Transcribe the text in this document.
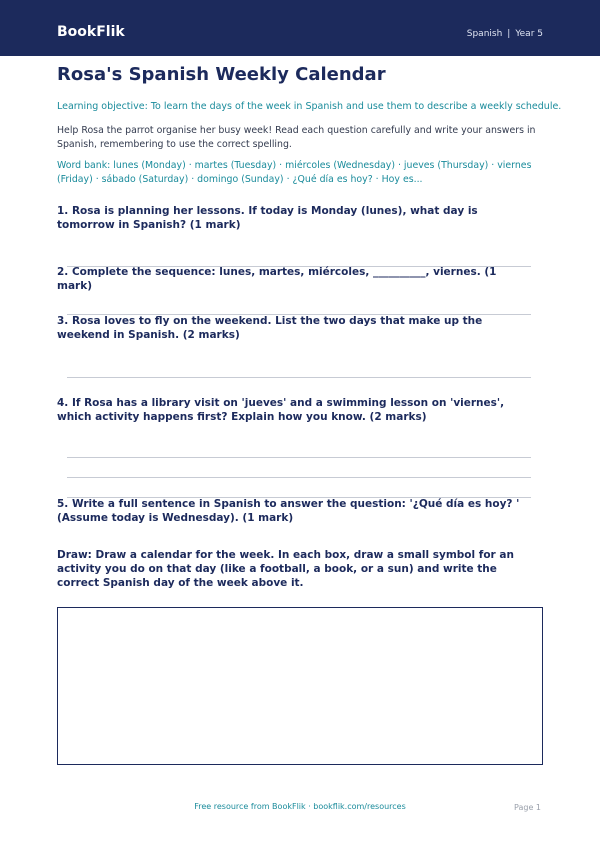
BookFlik	Spanish | Year 5
Rosa's Spanish Weekly Calendar

Learning objective: To learn the days of the week in Spanish and use them to describe a weekly schedule.

Help Rosa the parrot organise her busy week! Read each question carefully and write your answers in Spanish, remembering to use the correct spelling.

Word bank: lunes (Monday) · martes (Tuesday) · miércoles (Wednesday) · jueves (Thursday) · viernes (Friday) · sábado (Saturday) · domingo (Sunday) · ¿Qué día es hoy? · Hoy es...

1. Rosa is planning her lessons. If today is Monday (lunes), what day is tomorrow in Spanish? (1 mark)

2. Complete the sequence: lunes, martes, miércoles, __________, viernes. (1 mark)

3. Rosa loves to fly on the weekend. List the two days that make up the weekend in Spanish. (2 marks)

4. If Rosa has a library visit on 'jueves' and a swimming lesson on 'viernes', which activity happens first? Explain how you know. (2 marks)

5. Write a full sentence in Spanish to answer the question: '¿Qué día es hoy? ' (Assume today is Wednesday). (1 mark)

Draw: Draw a calendar for the week. In each box, draw a small symbol for an activity you do on that day (like a football, a book, or a sun) and write the correct Spanish day of the week above it.

Free resource from BookFlik · bookflik.com/resources	Page 1
